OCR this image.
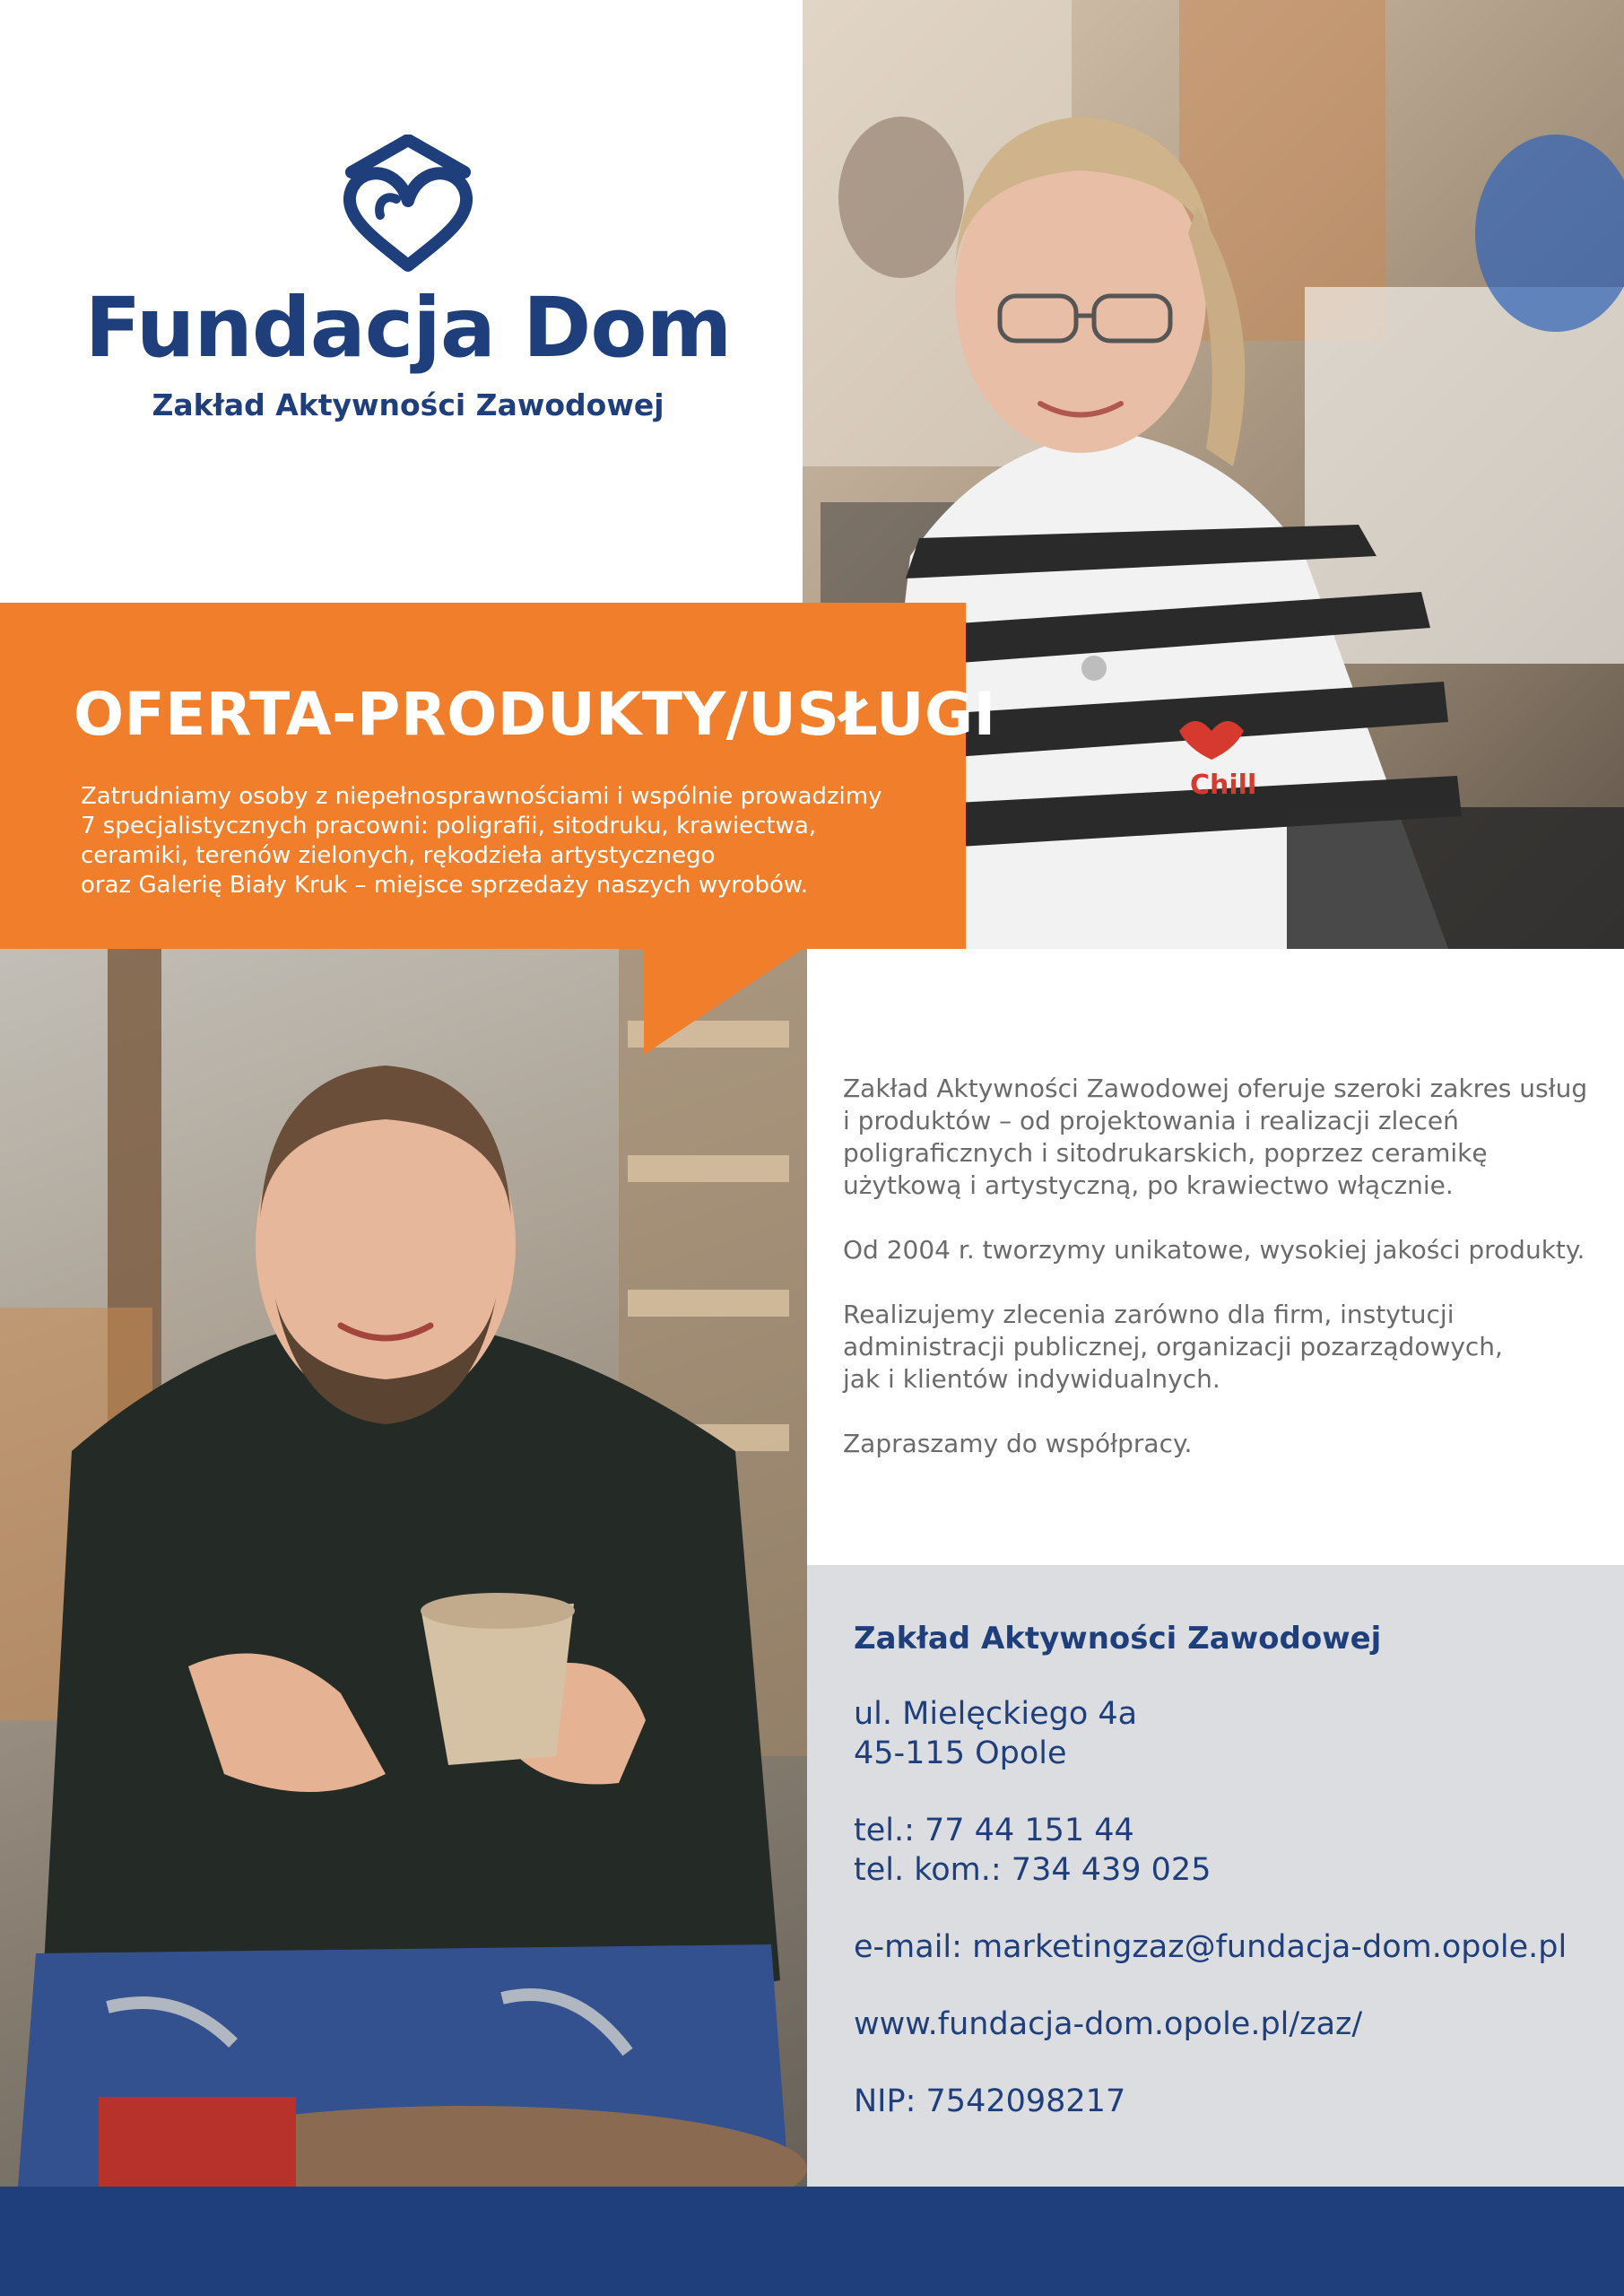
Fundacja Dom
Zakład Aktywności Zawodowej
Chill
OFERTA-PRODUKTY/USŁUGI

Zatrudniamy osoby z niepełnosprawnościami i wspólnie prowadzimy
7 specjalistycznych pracowni: poligrafii, sitodruku, krawiectwa,
ceramiki, terenów zielonych, rękodzieła artystycznego
oraz Galerię Biały Kruk – miejsce sprzedaży naszych wyrobów.

Zakład Aktywności Zawodowej oferuje szeroki zakres usług
i produktów – od projektowania i realizacji zleceń
poligraficznych i sitodrukarskich, poprzez ceramikę
użytkową i artystyczną, po krawiectwo włącznie.

Od 2004 r. tworzymy unikatowe, wysokiej jakości produkty.

Realizujemy zlecenia zarówno dla firm, instytucji
administracji publicznej, organizacji pozarządowych,
jak i klientów indywidualnych.

Zapraszamy do współpracy.

Zakład Aktywności Zawodowej
ul. Mielęckiego 4a
45-115 Opole
tel.: 77 44 151 44
tel. kom.: 734 439 025
e-mail: marketingzaz@fundacja-dom.opole.pl
www.fundacja-dom.opole.pl/zaz/
NIP: 7542098217
